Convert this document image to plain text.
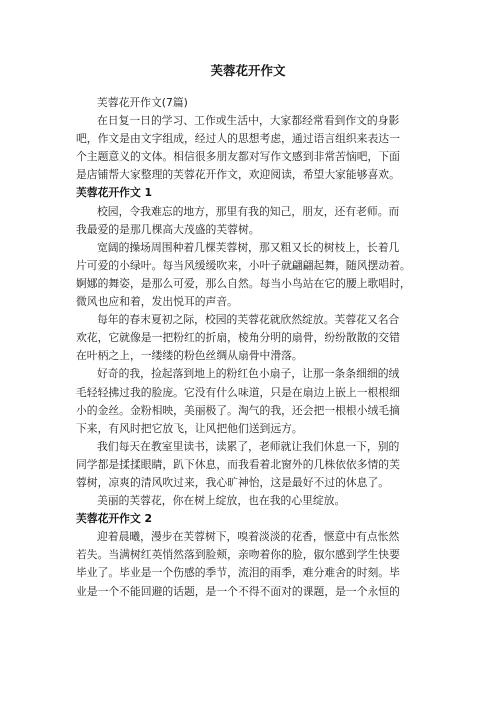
芙蓉花开作文
芙蓉花开作文(7篇)
在日复一日的学习、工作或生活中，大家都经常看到作文的身影
吧，作文是由文字组成，经过人的思想考虑，通过语言组织来表达一
个主题意义的文体。相信很多朋友都对写作文感到非常苦恼吧，下面
是店铺帮大家整理的芙蓉花开作文，欢迎阅读，希望大家能够喜欢。
芙蓉花开作文 1
校园，令我难忘的地方，那里有我的知己，朋友，还有老师。而
我最爱的是那几棵高大茂盛的芙蓉树。
宽阔的操场周围种着几棵芙蓉树，那又粗又长的树枝上，长着几
片可爱的小绿叶。每当风缓缓吹来，小叶子就翩翩起舞，随风摆动着。
婀娜的舞姿，是那么可爱，那么自然。每当小鸟站在它的腰上歌唱时，
微风也应和着，发出悦耳的声音。
每年的春末夏初之际，校园的芙蓉花就欣然绽放。芙蓉花又名合
欢花，它就像是一把粉红的折扇，棱角分明的扇骨，纷纷散散的交错
在叶柄之上，一缕缕的粉色丝绸从扇骨中滑落。
好奇的我，捡起落到地上的粉红色小扇子，让那一条条细细的绒
毛轻轻拂过我的脸庞。它没有什么味道，只是在扇边上嵌上一根根细
小的金丝。金粉相映，美丽极了。淘气的我，还会把一根根小绒毛摘
下来，有风时把它放飞，让风把他们送到远方。
我们每天在教室里读书，读累了，老师就让我们休息一下，别的
同学都是揉揉眼睛，趴下休息，而我看着北窗外的几株依依多情的芙
蓉树，凉爽的清风吹过来，我心旷神怡，这是最好不过的休息了。
美丽的芙蓉花，你在树上绽放，也在我的心里绽放。
芙蓉花开作文 2
迎着晨曦，漫步在芙蓉树下，嗅着淡淡的花香，惬意中有点怅然
若失。当满树红英悄然落到脸颊，亲吻着你的脸，俶尔感到学生快要
毕业了。毕业是一个伤感的季节，流泪的雨季，难分难舍的时刻。毕
业是一个不能回避的话题，是一个不得不面对的课题，是一个永恒的
